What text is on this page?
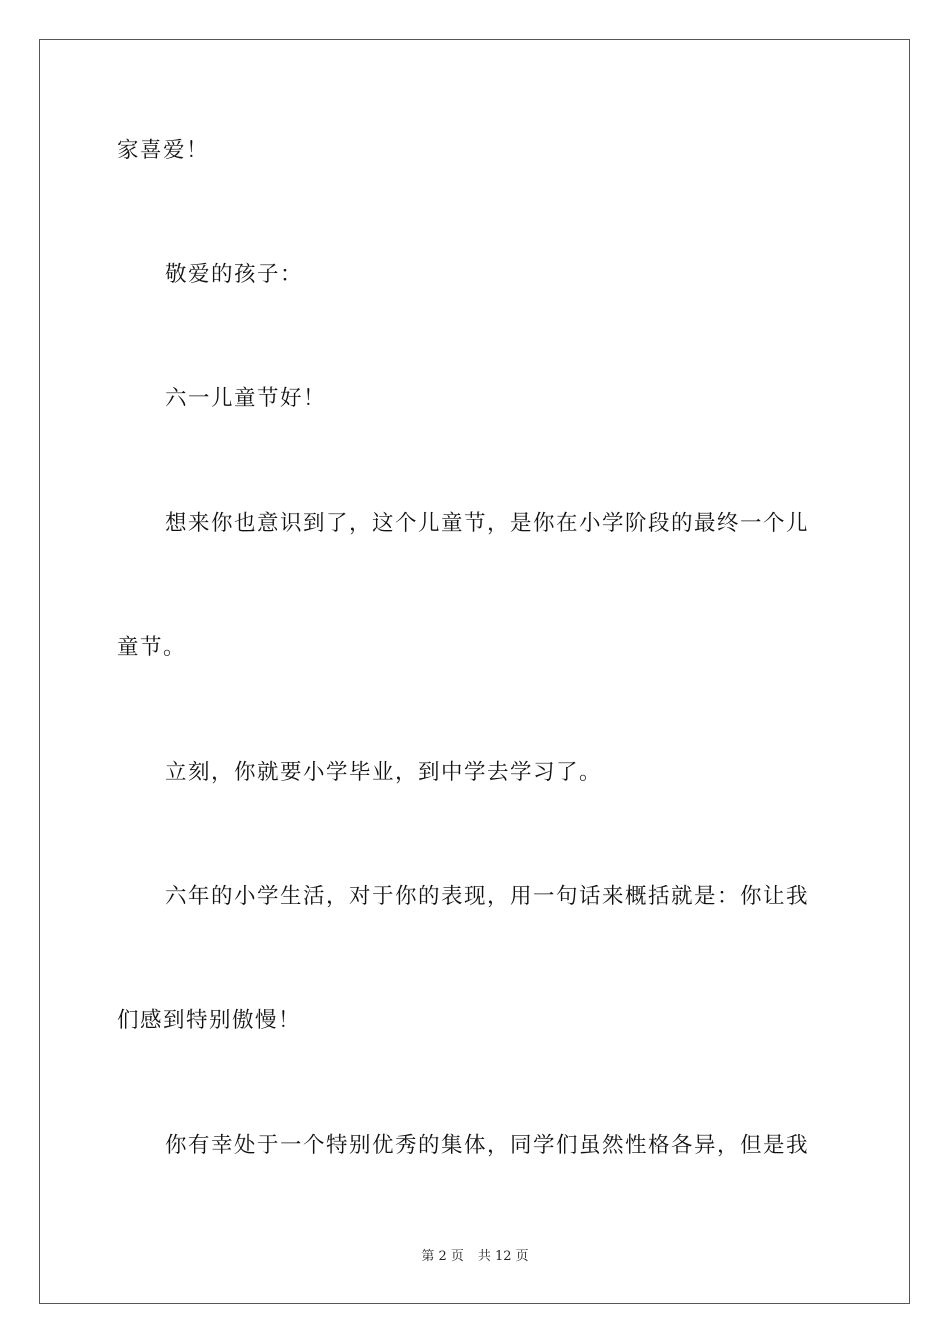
家喜爱！
敬爱的孩子：
六一儿童节好！
想来你也意识到了，这个儿童节，是你在小学阶段的最终一个儿
童节。
立刻，你就要小学毕业，到中学去学习了。
六年的小学生活，对于你的表现，用一句话来概括就是：你让我
们感到特别傲慢！
你有幸处于一个特别优秀的集体，同学们虽然性格各异，但是我
第 2 页 共 12 页
